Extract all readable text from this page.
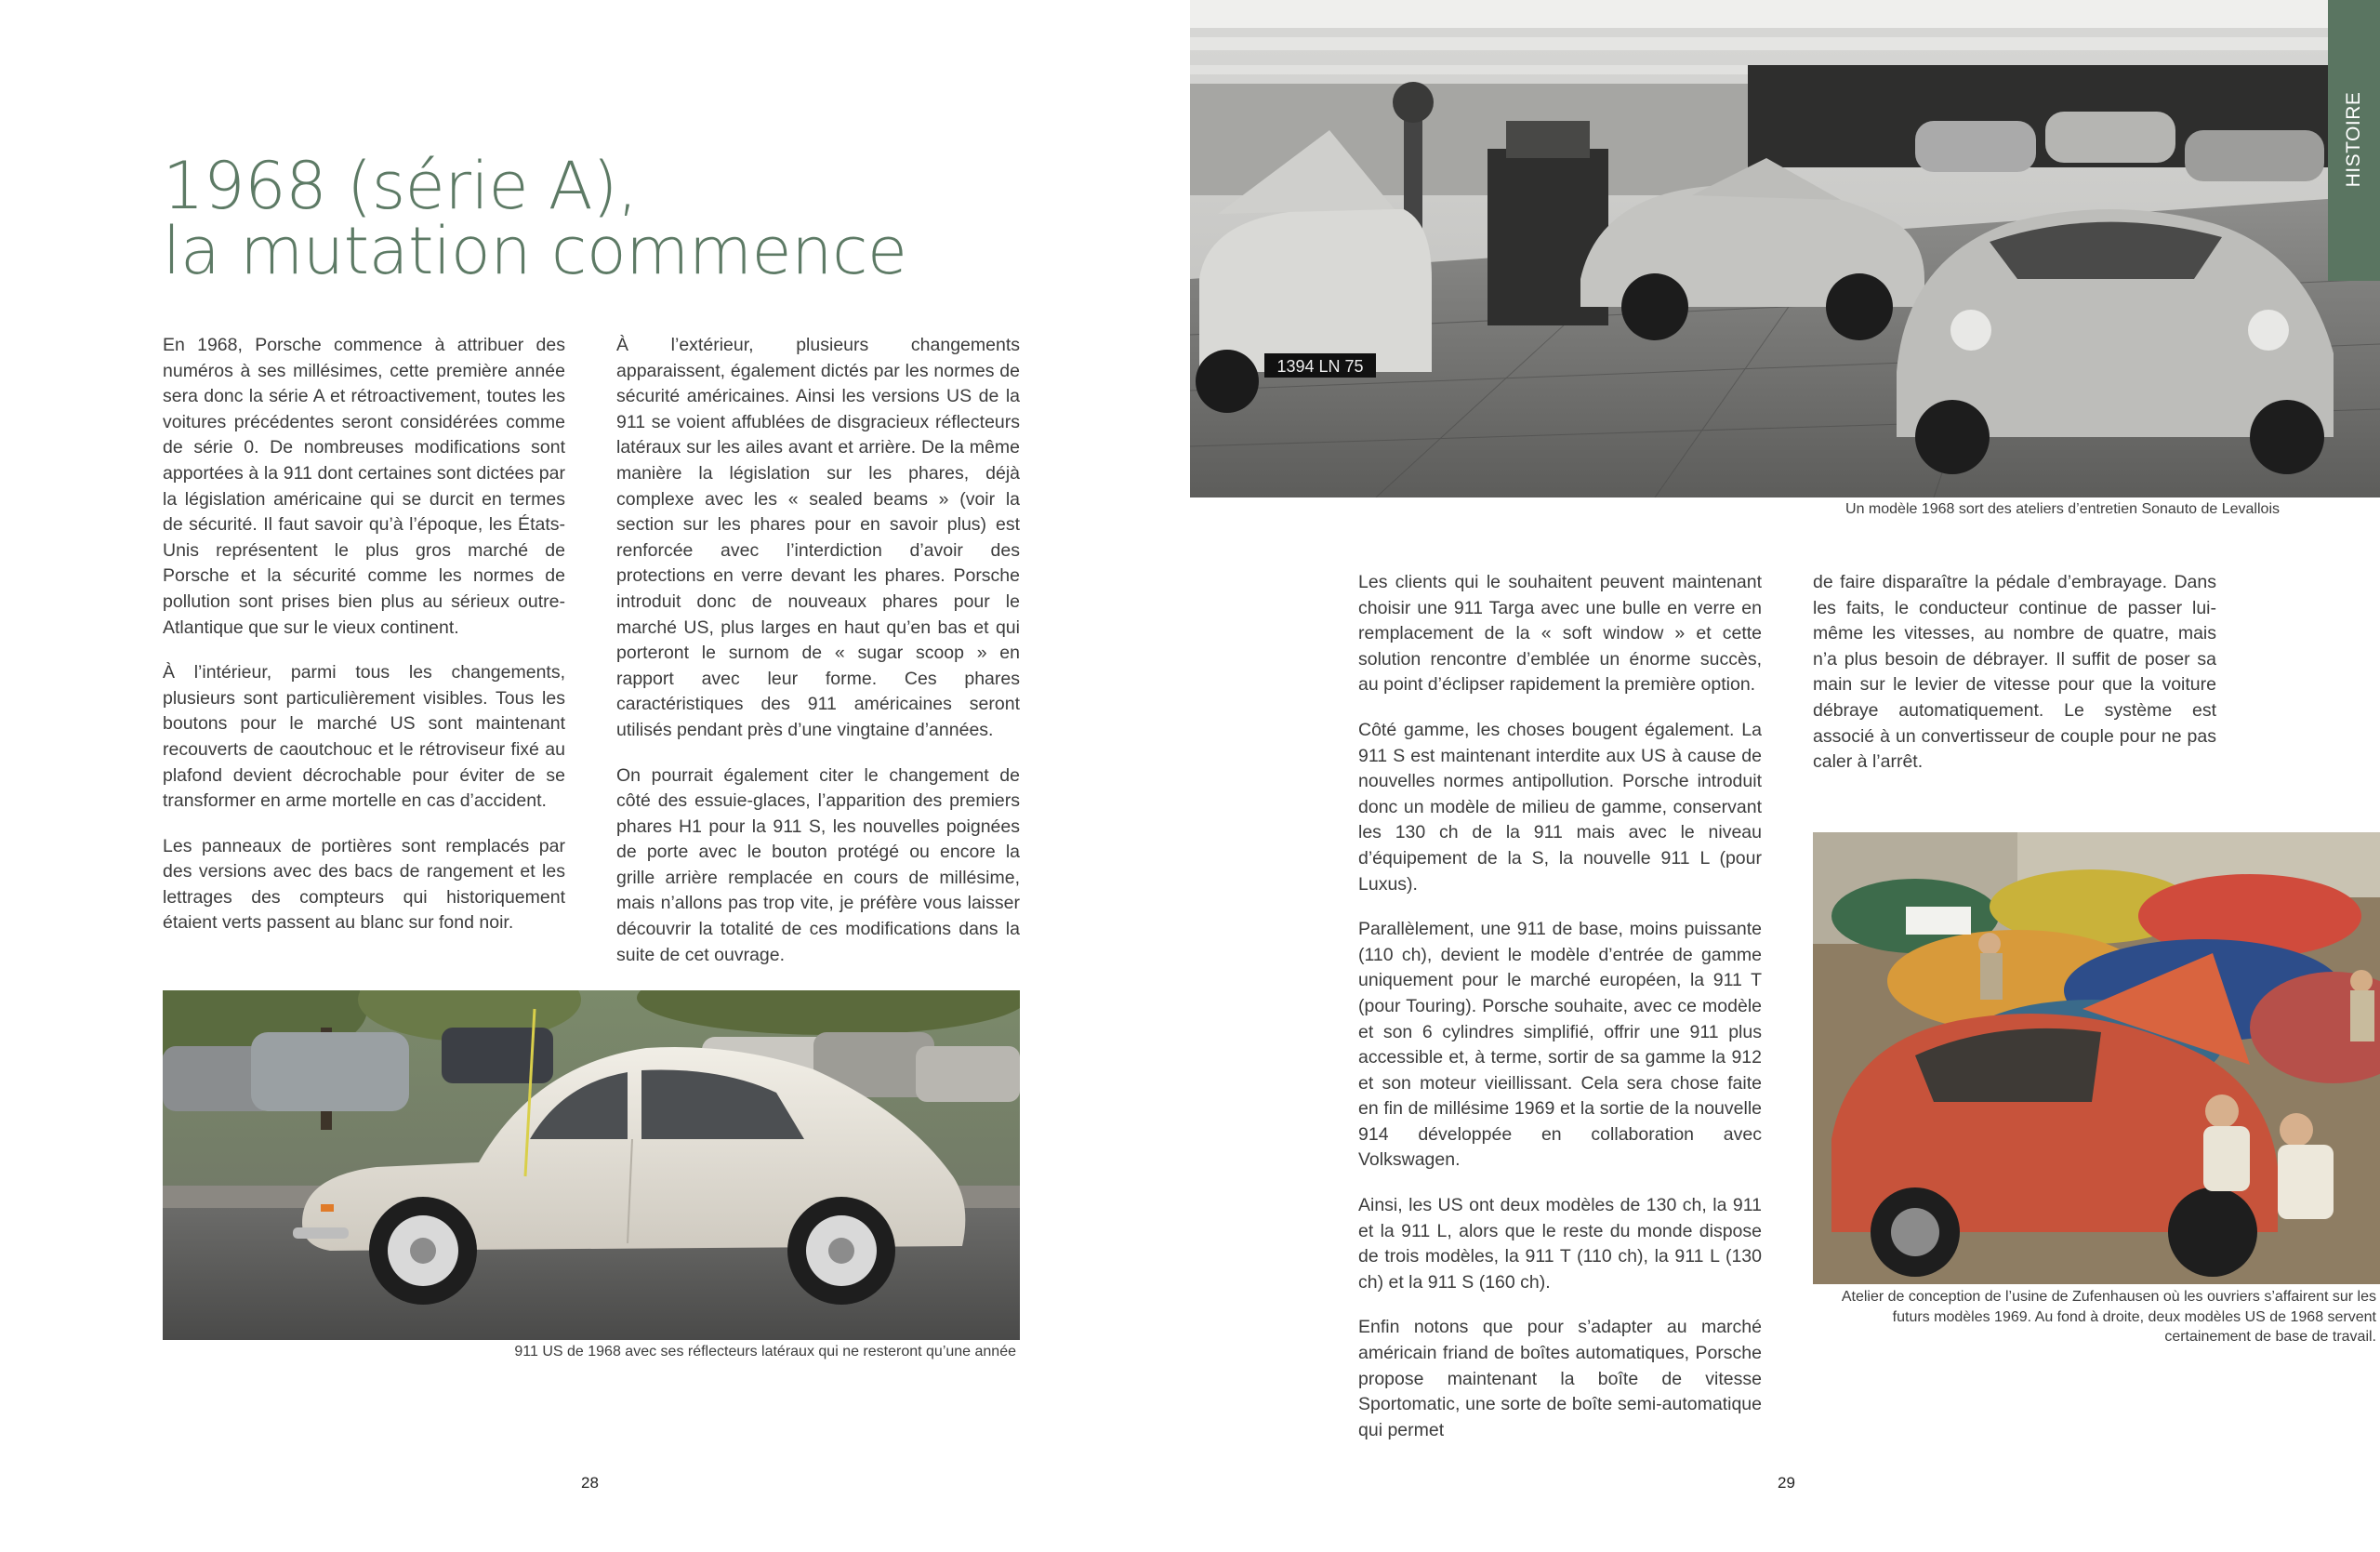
1968 (série A),
la mutation commence

En 1968, Porsche commence à attribuer des numéros à ses millésimes, cette première année sera donc la série A et rétroactivement, toutes les voitures précédentes seront considérées comme de série 0. De nombreuses modifications sont apportées à la 911 dont certaines sont dictées par la législation américaine qui se durcit en termes de sécurité. Il faut savoir qu’à l’époque, les États-Unis représentent le plus gros marché de Porsche et la sécurité comme les normes de pollution sont prises bien plus au sérieux outre-Atlantique que sur le vieux continent.

À l’intérieur, parmi tous les changements, plusieurs sont particulièrement visibles. Tous les boutons pour le marché US sont maintenant recouverts de caoutchouc et le rétroviseur fixé au plafond devient décrochable pour éviter de se transformer en arme mortelle en cas d’accident.

Les panneaux de portières sont remplacés par des versions avec des bacs de rangement et les lettrages des compteurs qui historiquement étaient verts passent au blanc sur fond noir.

À l’extérieur, plusieurs changements apparaissent, également dictés par les normes de sécurité américaines. Ainsi les versions US de la 911 se voient affublées de disgracieux réflecteurs latéraux sur les ailes avant et arrière. De la même manière la législation sur les phares, déjà complexe avec les « sealed beams » (voir la section sur les phares pour en savoir plus) est renforcée avec l’interdiction d’avoir des protections en verre devant les phares. Porsche introduit donc de nouveaux phares pour le marché US, plus larges en haut qu’en bas et qui porteront le surnom de « sugar scoop » en rapport avec leur forme. Ces phares caractéristiques des 911 américaines seront utilisés pendant près d’une vingtaine d’années.

On pourrait également citer le changement de côté des essuie-glaces, l’apparition des premiers phares H1 pour la 911 S, les nouvelles poignées de porte avec le bouton protégé ou encore la grille arrière remplacée en cours de millésime, mais n’allons pas trop vite, je préfère vous laisser découvrir la totalité de ces modifications dans la suite de cet ouvrage.

911 US de 1968 avec ses réflecteurs latéraux qui ne resteront qu’une année
28
1394 LN 75
Un modèle 1968 sort des ateliers d’entretien Sonauto de Levallois
HISTOIRE

Les clients qui le souhaitent peuvent maintenant choisir une 911 Targa avec une bulle en verre en remplacement de la « soft window » et cette solution rencontre d’emblée un énorme succès, au point d’éclipser rapidement la première option.

Côté gamme, les choses bougent également. La 911 S est maintenant interdite aux US à cause de nouvelles normes antipollution. Porsche introduit donc un modèle de milieu de gamme, conservant les 130 ch de la 911 mais avec le niveau d’équipement de la S, la nouvelle 911 L (pour Luxus).

Parallèlement, une 911 de base, moins puissante (110 ch), devient le modèle d’entrée de gamme uniquement pour le marché européen, la 911 T (pour Touring). Porsche souhaite, avec ce modèle et son 6 cylindres simplifié, offrir une 911 plus accessible et, à terme, sortir de sa gamme la 912 et son moteur vieillissant. Cela sera chose faite en fin de millésime 1969 et la sortie de la nouvelle 914 développée en collaboration avec Volkswagen.

Ainsi, les US ont deux modèles de 130 ch, la 911 et la 911 L, alors que le reste du monde dispose de trois modèles, la 911 T (110 ch), la 911 L (130 ch) et la 911 S (160 ch).

Enfin notons que pour s’adapter au marché américain friand de boîtes automatiques, Porsche propose maintenant la boîte de vitesse Sportomatic, une sorte de boîte semi-automatique qui permet

de faire disparaître la pédale d’embrayage. Dans les faits, le conducteur continue de passer lui-même les vitesses, au nombre de quatre, mais n’a plus besoin de débrayer. Il suffit de poser sa main sur le levier de vitesse pour que la voiture débraye automatiquement. Le système est associé à un convertisseur de couple pour ne pas caler à l’arrêt.

Atelier de conception de l’usine de Zufenhausen où les ouvriers s’affairent sur les futurs modèles 1969. Au fond à droite, deux modèles US de 1968 servent certainement de base de travail.
29
